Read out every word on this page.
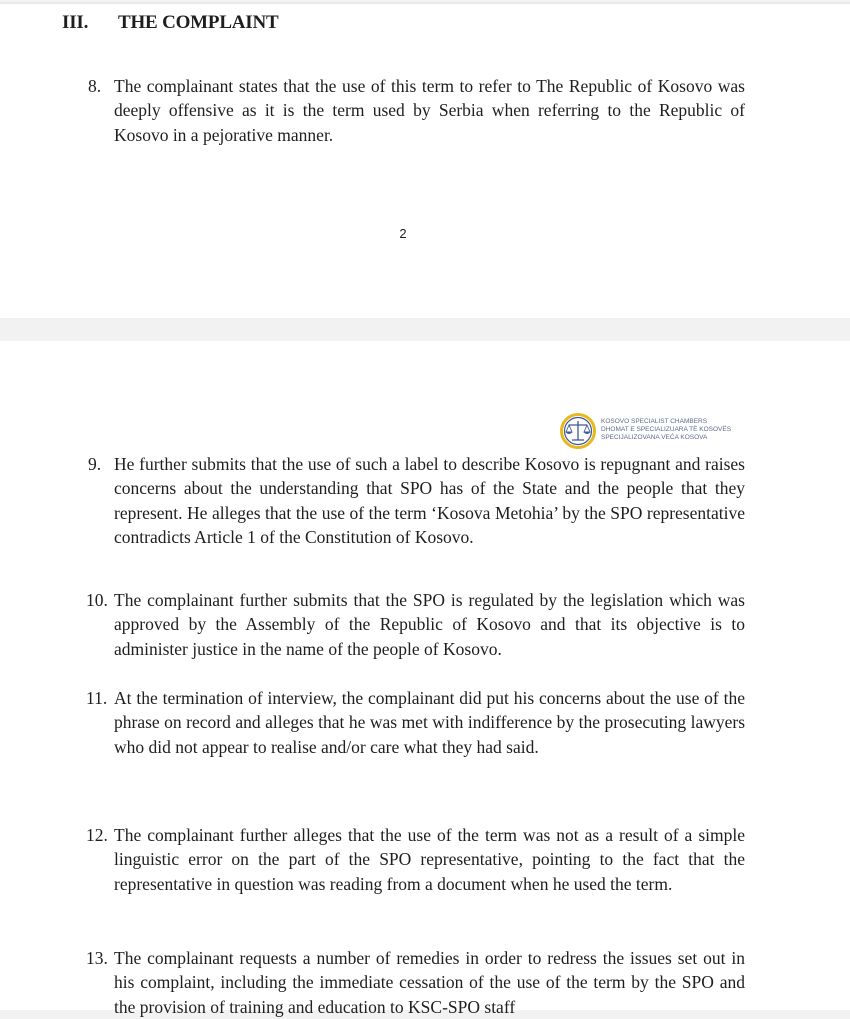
III. THE COMPLAINT
8. The complainant states that the use of this term to refer to The Republic of Kosovo was deeply offensive as it is the term used by Serbia when referring to the Republic of Kosovo in a pejorative manner.
2
KOSOVO SPECIALIST CHAMBERS
DHOMAT E SPECIALIZUARA TË KOSOVËS
SPECIJALIZOVANA VEĆA KOSOVA
9. He further submits that the use of such a label to describe Kosovo is repugnant and raises concerns about the understanding that SPO has of the State and the people that they represent. He alleges that the use of the term ‘Kosova Metohia’ by the SPO representative contradicts Article 1 of the Constitution of Kosovo.
10. The complainant further submits that the SPO is regulated by the legislation which was approved by the Assembly of the Republic of Kosovo and that its objective is to administer justice in the name of the people of Kosovo.
11. At the termination of interview, the complainant did put his concerns about the use of the phrase on record and alleges that he was met with indifference by the prosecuting lawyers who did not appear to realise and/or care what they had said.
12. The complainant further alleges that the use of the term was not as a result of a simple linguistic error on the part of the SPO representative, pointing to the fact that the representative in question was reading from a document when he used the term.
13. The complainant requests a number of remedies in order to redress the issues set out in his complaint, including the immediate cessation of the use of the term by the SPO and the provision of training and education to KSC-SPO staff
